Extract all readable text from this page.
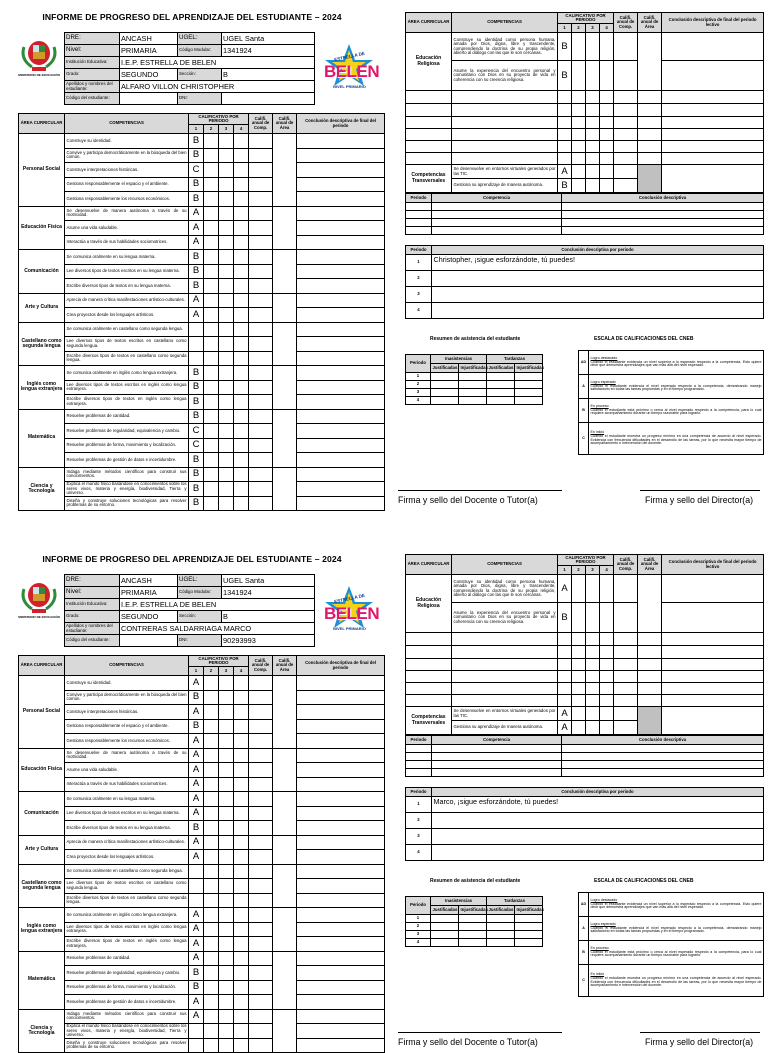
INFORME DE PROGRESO DEL APRENDIZAJE DEL ESTUDIANTE – 2024
MINISTERIO DE EDUCACIÓN
ESTRELLA DE
BELEN
NIVEL PRIMARIO
DRE:	ANCASH	UGEL:	UGEL Santa
Nivel:	PRIMARIA	Código Modular:	1341924
Institución Educativa:	I.E.P. ESTRELLA DE BELEN		
Grado:	SEGUNDO	Sección:	B
Apellidos y nombres del estudiante:	ALFARO VILLON CHRISTOPHER		
Código del estudiante:		DNI:	
ÁREA CURRICULAR	COMPETENCIAS	CALIFICATIVO POR PERIODO				Califi. anual de Comp.	Califi. anual de Área	Conclusión descriptiva de final del periodo
		1	2	3	4			
Personal Social	Construye su identidad.	B						
	Convive y participa democráticamente en la búsqueda del bien común.	B						
	Construye interpretaciones históricas.	C						
	Gestiona responsablemente el espacio y el ambiente.	B						
	Gestiona responsablemente los recursos económicos.	B						
Educación Física	Se desenvuelve de manera autónoma a través de su motricidad.	A						
	Asume una vida saludable.	A						
	Interactúa a través de sus habilidades sociomotrices.	A						
Comunicación	Se comunica oralmente en su lengua materna.	B						
	Lee diversos tipos de textos escritos en su lengua materna.	B						
	Escribe diversos tipos de textos en su lengua materna.	B						
Arte y Cultura	Aprecia de manera crítica manifestaciones artístico-culturales.	A						
	Crea proyectos desde los lenguajes artísticos.	A						
Castellano como segunda lengua	Se comunica oralmente en castellano como segunda lengua.							
	Lee diversos tipos de textos escritos en castellano como segunda lengua.							
	Escribe diversos tipos de textos en castellano como segunda lengua.							
Inglés como lengua extranjera	Se comunica oralmente en inglés como lengua extranjera.	B						
	Lee diversos tipos de textos escritos en inglés como lengua extranjera.	B						
	Escribe diversos tipos de textos en inglés como lengua extranjera.	B						
Matemática	Resuelve problemas de cantidad.	B						
	Resuelve problemas de regularidad, equivalencia y cambio.	C						
	Resuelve problemas de forma, movimiento y localización.	C						
	Resuelve problemas de gestión de datos e incertidumbre.	B						
Ciencia y Tecnología	Indaga mediante métodos científicos para construir sus conocimientos.	B						
	Explica el mundo físico basándose en conocimientos sobre los seres vivos, materia y energía, biodiversidad, Tierra y universo.	B						
	Diseña y construye soluciones tecnológicas para resolver problemas de su entorno.	B						
ÁREA CURRICULAR	COMPETENCIAS	CALIFICATIVO POR PERIODO				Califi. anual de Comp.	Califi. anual de Área	Conclusión descriptiva de final del periodo lectivo
		1	2	3	4			
Educación Religiosa	Construye su identidad como persona humana, amada por Dios, digna, libre y trascendente, comprendiendo la doctrina de su propia religión, abierto al diálogo con las que le son cercanas.	B						
	Asume la experiencia del encuentro personal y comunitario con Dios en su proyecto de vida en coherencia con su creencia religiosa.	B						

Competencias Transversales	Se desenvuelve en entornos virtuales generados por las TIC.	A						
	Gestiona su aprendizaje de manera autónoma.	B						
Periodo	Competencia	Conclusión descriptiva

Periodo	Conclusión descriptiva por periodo
1	Christopher, ¡sigue esforzándote, tú puedes!
2	
3	
4	
Resumen de asistencia del estudiante
Periodo	Inasistencias		Tardanzas	
	Justificadas	Injustificadas	Justificadas	Injustificadas
1				
2				
3				
4				
ESCALA DE CALIFICACIONES DEL CNEB
AD	Logro destacado
Cuando el estudiante evidencia un nivel superior a lo esperado respecto a la competencia. Esto quiere decir que demuestra aprendizajes que van más allá del nivel esperado.

A	Logro esperado
Cuando el estudiante evidencia el nivel esperado respecto a la competencia, demostrando manejo satisfactorio en todas las tareas propuestas y en el tiempo programado.

B	En proceso
Cuando el estudiante está próximo o cerca al nivel esperado respecto a la competencia, para lo cual requiere acompañamiento durante un tiempo razonable para lograrlo.

C	En inicio
Cuando el estudiante muestra un progreso mínimo en una competencia de acuerdo al nivel esperado. Evidencia con frecuencia dificultades en el desarrollo de las tareas, por lo que necesita mayor tiempo de acompañamiento e intervención del docente.
Firma y sello del Docente o Tutor(a)	Firma y sello del Director(a)
INFORME DE PROGRESO DEL APRENDIZAJE DEL ESTUDIANTE – 2024
MINISTERIO DE EDUCACIÓN
ESTRELLA DE
BELEN
NIVEL PRIMARIO
DRE:	ANCASH	UGEL:	UGEL Santa
Nivel:	PRIMARIA	Código Modular:	1341924
Institución Educativa:	I.E.P. ESTRELLA DE BELEN		
Grado:	SEGUNDO	Sección:	B
Apellidos y nombres del estudiante:	CONTRERAS SALDARRIAGA MARCO		
Código del estudiante:		DNI:	90293993
ÁREA CURRICULAR	COMPETENCIAS	CALIFICATIVO POR PERIODO				Califi. anual de Comp.	Califi. anual de Área	Conclusión descriptiva de final del periodo
		1	2	3	4			
Personal Social	Construye su identidad.	A						
	Convive y participa democráticamente en la búsqueda del bien común.	B						
	Construye interpretaciones históricas.	A						
	Gestiona responsablemente el espacio y el ambiente.	B						
	Gestiona responsablemente los recursos económicos.	A						
Educación Física	Se desenvuelve de manera autónoma a través de su motricidad.	A						
	Asume una vida saludable.	A						
	Interactúa a través de sus habilidades sociomotrices.	A						
Comunicación	Se comunica oralmente en su lengua materna.	A						
	Lee diversos tipos de textos escritos en su lengua materna.	A						
	Escribe diversos tipos de textos en su lengua materna.	B						
Arte y Cultura	Aprecia de manera crítica manifestaciones artístico-culturales.	A						
	Crea proyectos desde los lenguajes artísticos.	A						
Castellano como segunda lengua	Se comunica oralmente en castellano como segunda lengua.							
	Lee diversos tipos de textos escritos en castellano como segunda lengua.							
	Escribe diversos tipos de textos en castellano como segunda lengua.							
Inglés como lengua extranjera	Se comunica oralmente en inglés como lengua extranjera.	A						
	Lee diversos tipos de textos escritos en inglés como lengua extranjera.	A						
	Escribe diversos tipos de textos en inglés como lengua extranjera.	A						
Matemática	Resuelve problemas de cantidad.	A						
	Resuelve problemas de regularidad, equivalencia y cambio.	B						
	Resuelve problemas de forma, movimiento y localización.	B						
	Resuelve problemas de gestión de datos e incertidumbre.	A						
Ciencia y Tecnología	Indaga mediante métodos científicos para construir sus conocimientos.	A						
	Explica el mundo físico basándose en conocimientos sobre los seres vivos, materia y energía, biodiversidad, Tierra y universo.							
	Diseña y construye soluciones tecnológicas para resolver problemas de su entorno.							
ÁREA CURRICULAR	COMPETENCIAS	CALIFICATIVO POR PERIODO				Califi. anual de Comp.	Califi. anual de Área	Conclusión descriptiva de final del periodo lectivo
		1	2	3	4			
Educación Religiosa	Construye su identidad como persona humana, amada por Dios, digna, libre y trascendente, comprendiendo la doctrina de su propia religión, abierto al diálogo con las que le son cercanas.	A						
	Asume la experiencia del encuentro personal y comunitario con Dios en su proyecto de vida en coherencia con su creencia religiosa.	B						

Competencias Transversales	Se desenvuelve en entornos virtuales generados por las TIC.	A						
	Gestiona su aprendizaje de manera autónoma.	A						
Periodo	Competencia	Conclusión descriptiva

Periodo	Conclusión descriptiva por periodo
1	Marco, ¡sigue esforzándote, tú puedes!
2	
3	
4	
Resumen de asistencia del estudiante
Periodo	Inasistencias		Tardanzas	
	Justificadas	Injustificadas	Justificadas	Injustificadas
1				
2				
3				
4				
ESCALA DE CALIFICACIONES DEL CNEB
AD	Logro destacado
Cuando el estudiante evidencia un nivel superior a lo esperado respecto a la competencia. Esto quiere decir que demuestra aprendizajes que van más allá del nivel esperado.

A	Logro esperado
Cuando el estudiante evidencia el nivel esperado respecto a la competencia, demostrando manejo satisfactorio en todas las tareas propuestas y en el tiempo programado.

B	En proceso
Cuando el estudiante está próximo o cerca al nivel esperado respecto a la competencia, para lo cual requiere acompañamiento durante un tiempo razonable para lograrlo.

C	En inicio
Cuando el estudiante muestra un progreso mínimo en una competencia de acuerdo al nivel esperado. Evidencia con frecuencia dificultades en el desarrollo de las tareas, por lo que necesita mayor tiempo de acompañamiento e intervención del docente.
Firma y sello del Docente o Tutor(a)	Firma y sello del Director(a)
